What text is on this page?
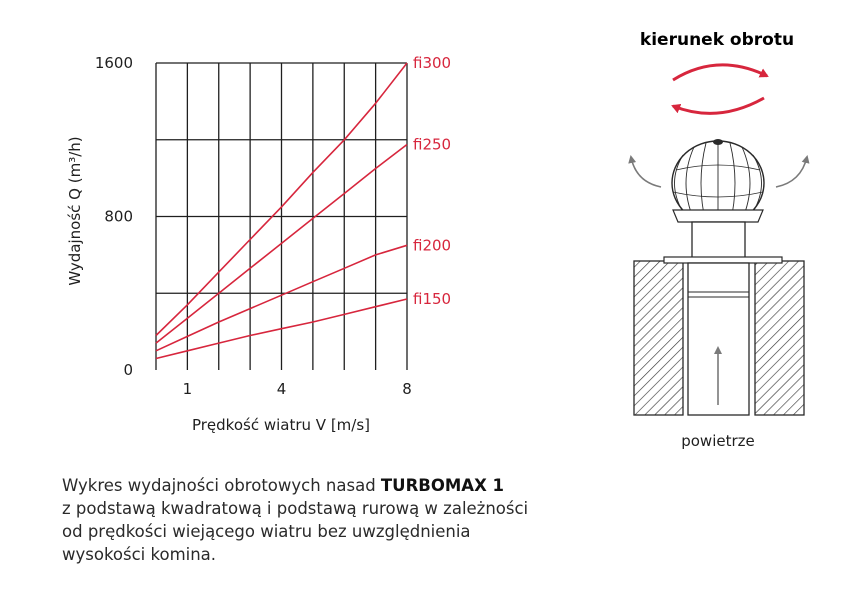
0
800
1600
1	4	8
fi300
fi250
fi200
fi150
Prędkość wiatru V [m/s]
Wydajność Q (m³/h)
kierunek obrotu
powietrze

Wykres wydajności obrotowych nasad TURBOMAX 1
z podstawą kwadratową i podstawą rurową w zależności
od prędkości wiejącego wiatru bez uwzględnienia
wysokości komina.
